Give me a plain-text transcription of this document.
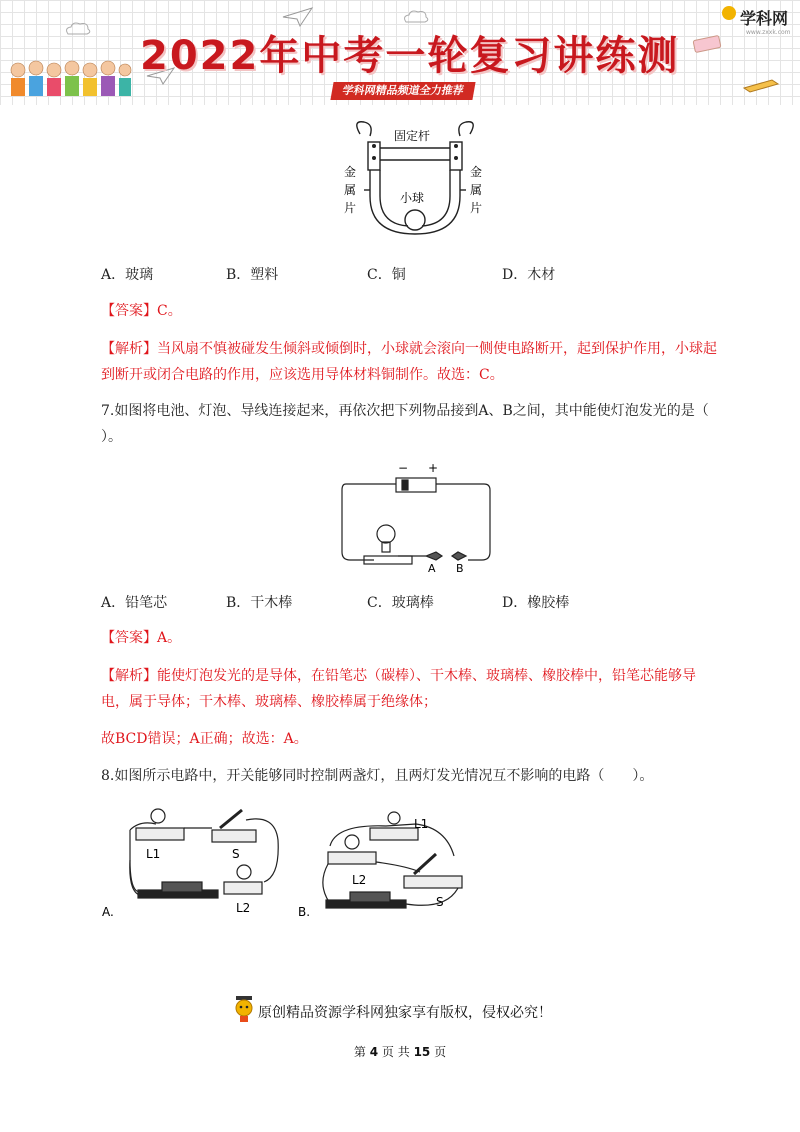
2022年中考一轮复习讲练测
学科网精品频道全力推荐
学科网
www.zxxk.com
固定杆
小球
金属片
金属片
A．玻璃	B．塑料	C．铜	D．木材
【答案】C。
【解析】当风扇不慎被碰发生倾斜或倾倒时，小球就会滚向一侧使电路断开，起到保护作用，小球起
到断开或闭合电路的作用，应该选用导体材料铜制作。故选：C。
7.如图将电池、灯泡、导线连接起来，再依次把下列物品接到A、B之间，其中能使灯泡发光的是（
）。
− +
A B
A．铅笔芯	B．干木棒	C．玻璃棒	D．橡胶棒
【答案】A。
【解析】能使灯泡发光的是导体，在铅笔芯（碳棒）、干木棒、玻璃棒、橡胶棒中，铅笔芯能够导
电，属于导体；干木棒、玻璃棒、橡胶棒属于绝缘体；
故BCD错误；A正确；故选：A。
8.如图所示电路中，开关能够同时控制两盏灯，且两灯发光情况互不影响的电路（　　）。
A.
L1	S
L2	B.
L1
L2
S
原创精品资源学科网独家享有版权，侵权必究！
第 4 页 共 15 页
